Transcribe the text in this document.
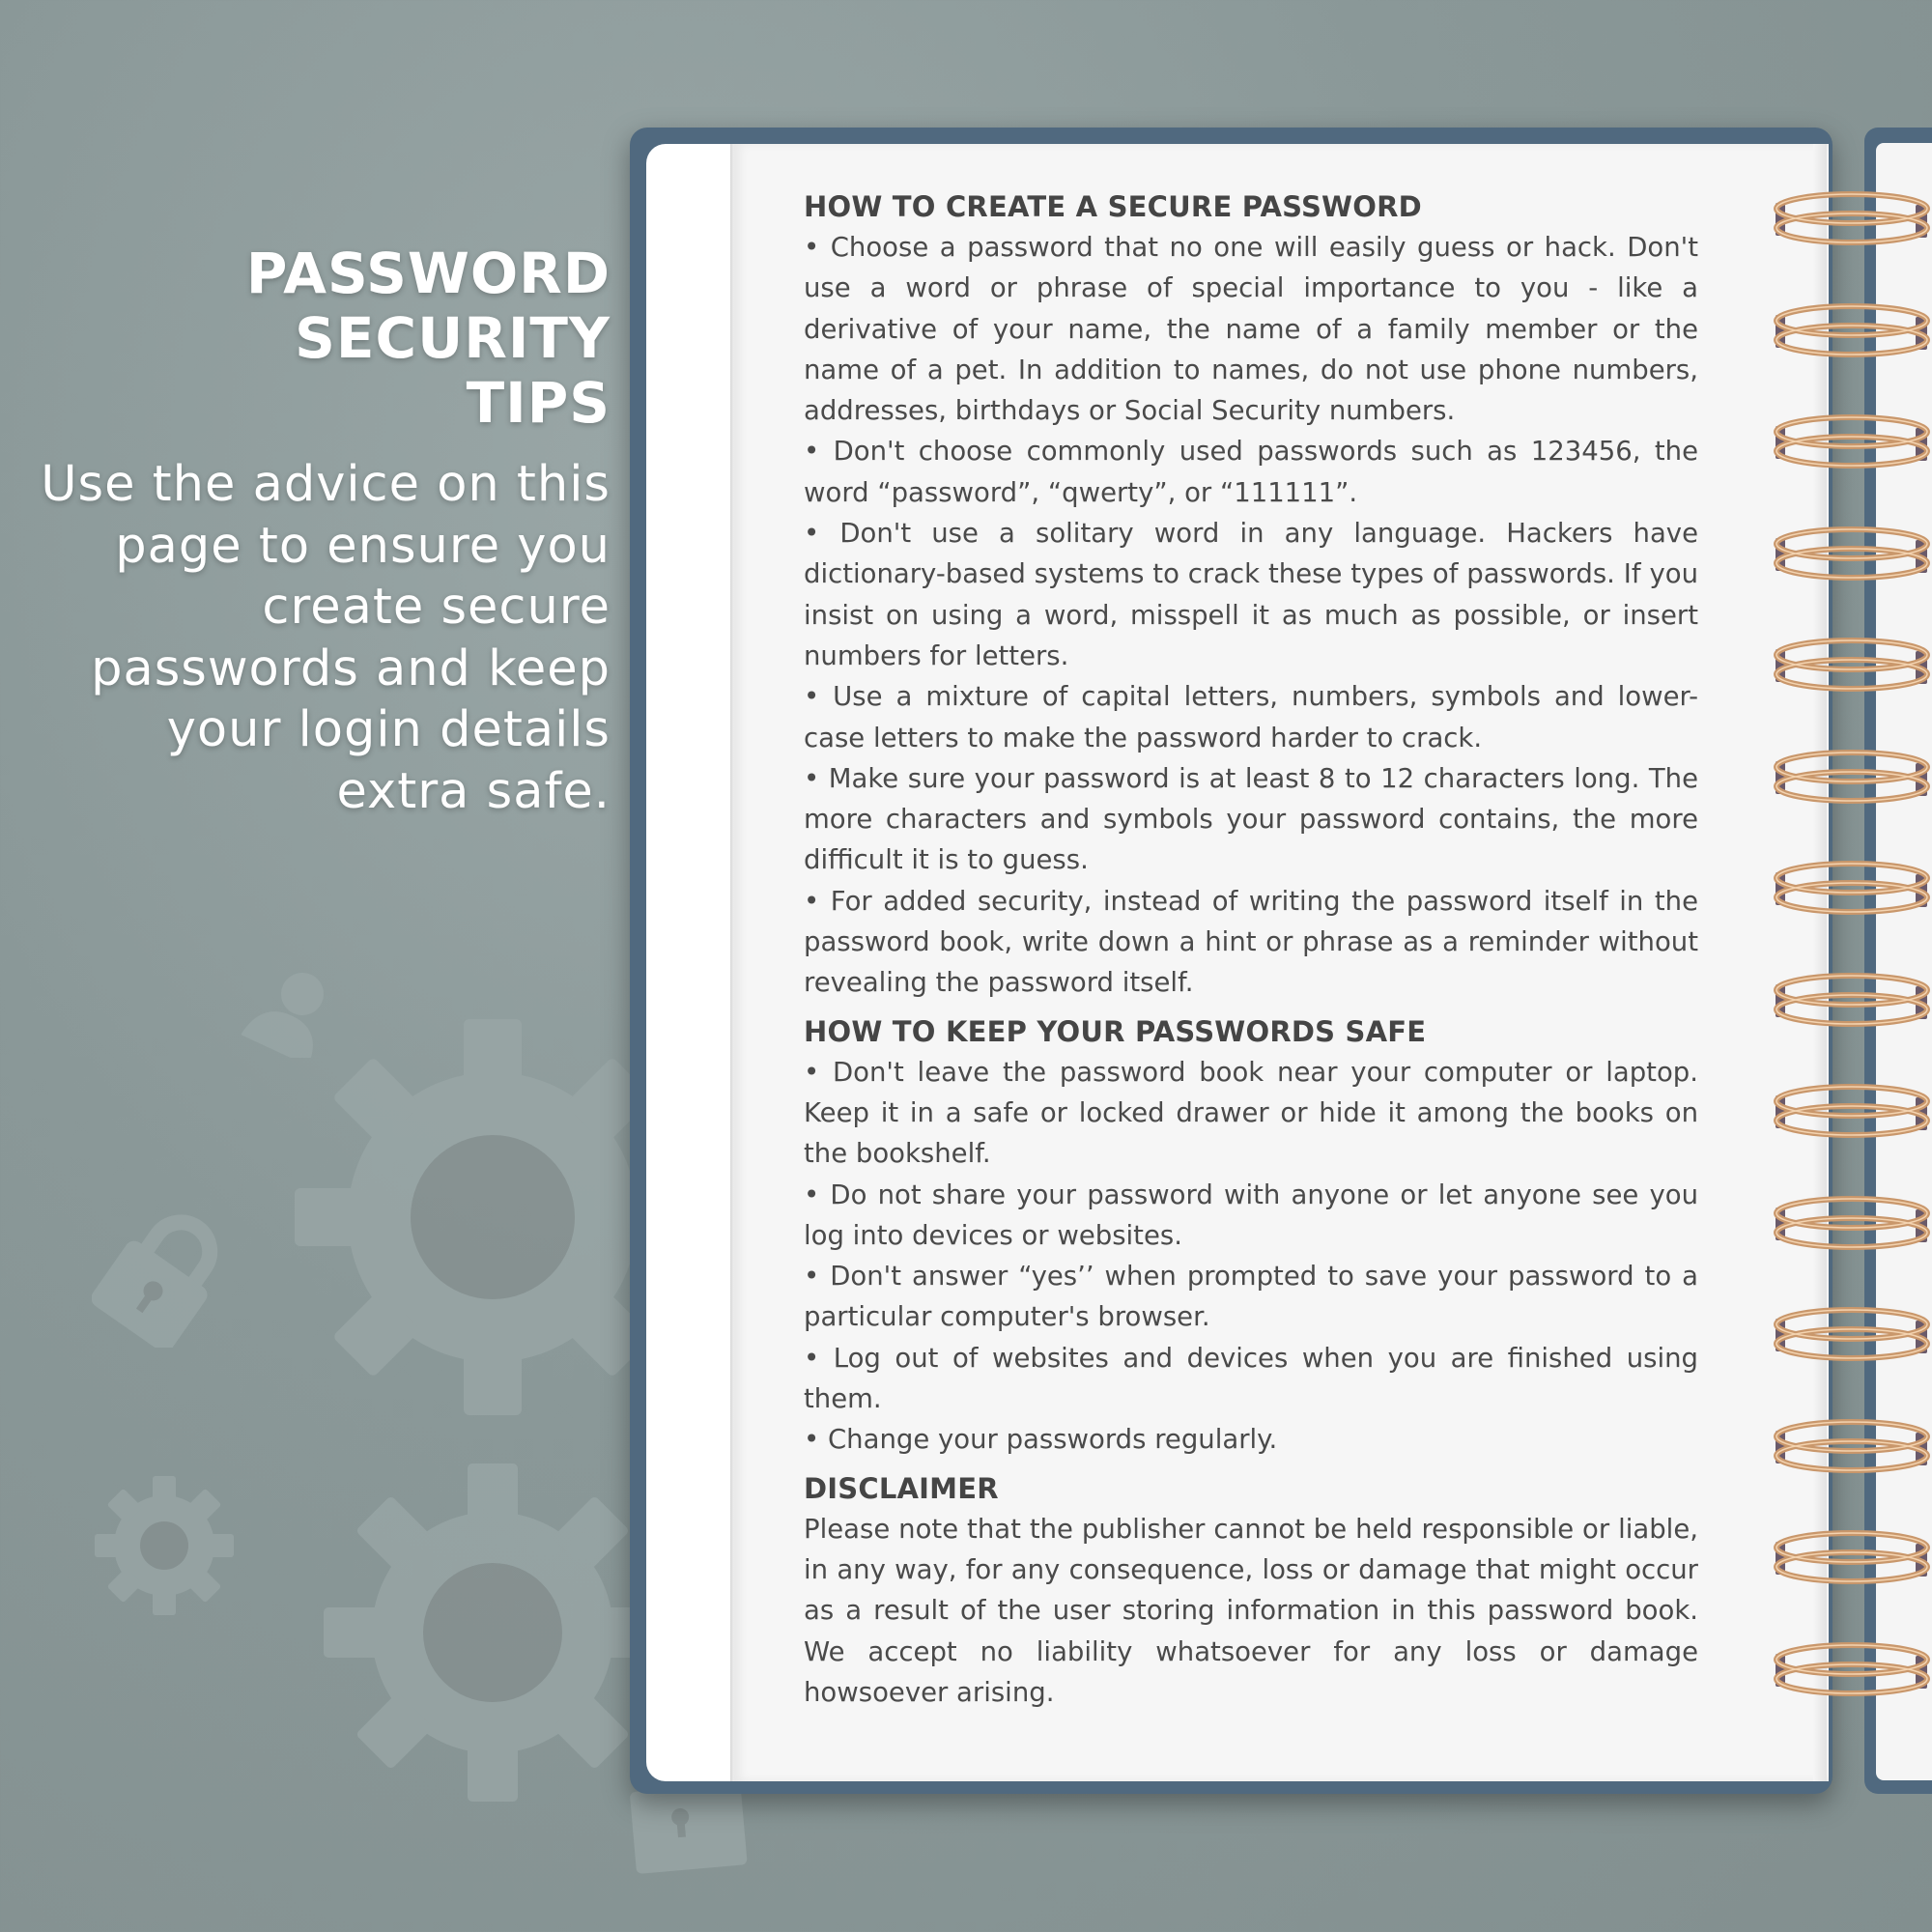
PASSWORD
SECURITY
TIPS
Use the advice on this page to ensure you create secure passwords and keep your login details extra safe.
HOW TO CREATE A SECURE PASSWORD

• Choose a password that no one will easily guess or hack. Don't use a word or phrase of special importance to you - like a derivative of your name, the name of a family member or the name of a pet. In addition to names, do not use phone numbers, addresses, birthdays or Social Security numbers.

• Don't choose commonly used passwords such as 123456, the word “password”, “qwerty”, or “111111”.

• Don't use a solitary word in any language. Hackers have dictionary-based systems to crack these types of passwords. If you insist on using a word, misspell it as much as possible, or insert numbers for letters.

• Use a mixture of capital letters, numbers, symbols and lower-case letters to make the password harder to crack.

• Make sure your password is at least 8 to 12 characters long. The more characters and symbols your password contains, the more difficult it is to guess.

• For added security, instead of writing the password itself in the password book, write down a hint or phrase as a reminder without revealing the password itself.

HOW TO KEEP YOUR PASSWORDS SAFE

• Don't leave the password book near your computer or laptop. Keep it in a safe or locked drawer or hide it among the books on the bookshelf.

• Do not share your password with anyone or let anyone see you log into devices or websites.

• Don't answer “yes’’ when prompted to save your password to a particular computer's browser.

• Log out of websites and devices when you are finished using them.

• Change your passwords regularly.

DISCLAIMER

Please note that the publisher cannot be held responsible or liable, in any way, for any consequence, loss or damage that might occur as a result of the user storing information in this password book. We accept no liability whatsoever for any loss or damage howsoever arising.
